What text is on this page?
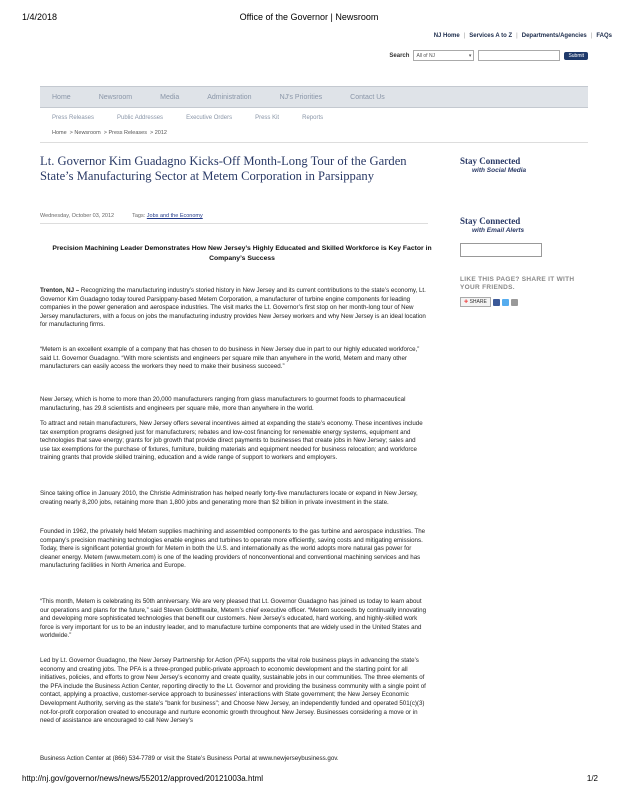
1/4/2018	Office of the Governor | Newsroom
NJ Home | Services A to Z | Departments/Agencies | FAQs
Search All of NJ	▾	Submit
Home	Newsroom	Media	Administration	NJ's Priorities	Contact Us
Press Releases	Public Addresses	Executive Orders	Press Kit	Reports
Home > Newsroom > Press Releases > 2012
Lt. Governor Kim Guadagno Kicks-Off Month-Long Tour of the Garden State’s Manufacturing Sector at Metem Corporation in Parsippany
Wednesday, October 03, 2012	Tags: Jobs and the Economy
Precision Machining Leader Demonstrates How New Jersey’s Highly Educated and Skilled Workforce is Key Factor in Company’s Success

Trenton, NJ – Recognizing the manufacturing industry’s storied history in New Jersey and its current contributions to the state’s economy, Lt. Governor Kim Guadagno today toured Parsippany-based Metem Corporation, a manufacturer of turbine engine components for leading companies in the power generation and aerospace industries. The visit marks the Lt. Governor’s first stop on her month-long tour of New Jersey manufacturers, with a focus on jobs the manufacturing industry provides New Jersey workers and why New Jersey is an ideal location for manufacturing firms.

“Metem is an excellent example of a company that has chosen to do business in New Jersey due in part to our highly educated workforce,” said Lt. Governor Guadagno. “With more scientists and engineers per square mile than anywhere in the world, Metem and many other manufacturers can easily access the workers they need to make their business succeed.”
New Jersey, which is home to more than 20,000 manufacturers ranging from glass manufacturers to gourmet foods to pharmaceutical manufacturing, has 29.8 scientists and engineers per square mile, more than anywhere in the world.
To attract and retain manufacturers, New Jersey offers several incentives aimed at expanding the state’s economy. These incentives include tax exemption programs designed just for manufacturers; rebates and low-cost financing for renewable energy systems, equipment and technologies that save energy; grants for job growth that provide direct payments to businesses that create jobs in New Jersey; sales and use tax exemptions for the purchase of fixtures, furniture, building materials and equipment needed for business relocation; and workforce training grants that provide skilled training, education and a wide range of support to workers and employers.
Since taking office in January 2010, the Christie Administration has helped nearly forty-five manufacturers locate or expand in New Jersey, creating nearly 8,200 jobs, retaining more than 1,800 jobs and generating more than $2 billion in private investment in the state.
Founded in 1962, the privately held Metem supplies machining and assembled components to the gas turbine and aerospace industries. The company’s precision machining technologies enable engines and turbines to operate more efficiently, saving costs and mitigating emissions. Today, there is significant potential growth for Metem in both the U.S. and internationally as the world adopts more natural gas power for cleaner energy. Metem (www.metem.com) is one of the leading providers of nonconventional and conventional machining services and has manufacturing facilities in North America and Europe.
“This month, Metem is celebrating its 50th anniversary. We are very pleased that Lt. Governor Guadagno has joined us today to learn about our operations and plans for the future,” said Steven Goldthwaite, Metem’s chief executive officer. “Metem succeeds by continually innovating and developing more sophisticated technologies that benefit our customers. New Jersey’s educated, hard working, and highly-skilled work force is very important for us to be an industry leader, and to manufacture turbine components that are widely used in the United States and worldwide.”
Led by Lt. Governor Guadagno, the New Jersey Partnership for Action (PFA) supports the vital role business plays in advancing the state’s economy and creating jobs. The PFA is a three-pronged public-private approach to economic development and the starting point for all initiatives, policies, and efforts to grow New Jersey’s economy and create quality, sustainable jobs in our communities. The three elements of the PFA include the Business Action Center, reporting directly to the Lt. Governor and providing the business community with a single point of contact, applying a proactive, customer-service approach to businesses’ interactions with State government; the New Jersey Economic Development Authority, serving as the state’s "bank for business"; and Choose New Jersey, an independently funded and operated 501(c)(3) not-for-profit corporation created to encourage and nurture economic growth throughout New Jersey. Businesses considering a move or in need of assistance are encouraged to call New Jersey’s
Business Action Center at (866) 534-7789 or visit the State’s Business Portal at www.newjerseybusiness.gov.
Stay Connected
with Social Media
Stay Connected
with Email Alerts
LIKE THIS PAGE? SHARE IT WITH YOUR FRIENDS.
✚ SHARE
http://nj.gov/governor/news/news/552012/approved/20121003a.html	1/2
